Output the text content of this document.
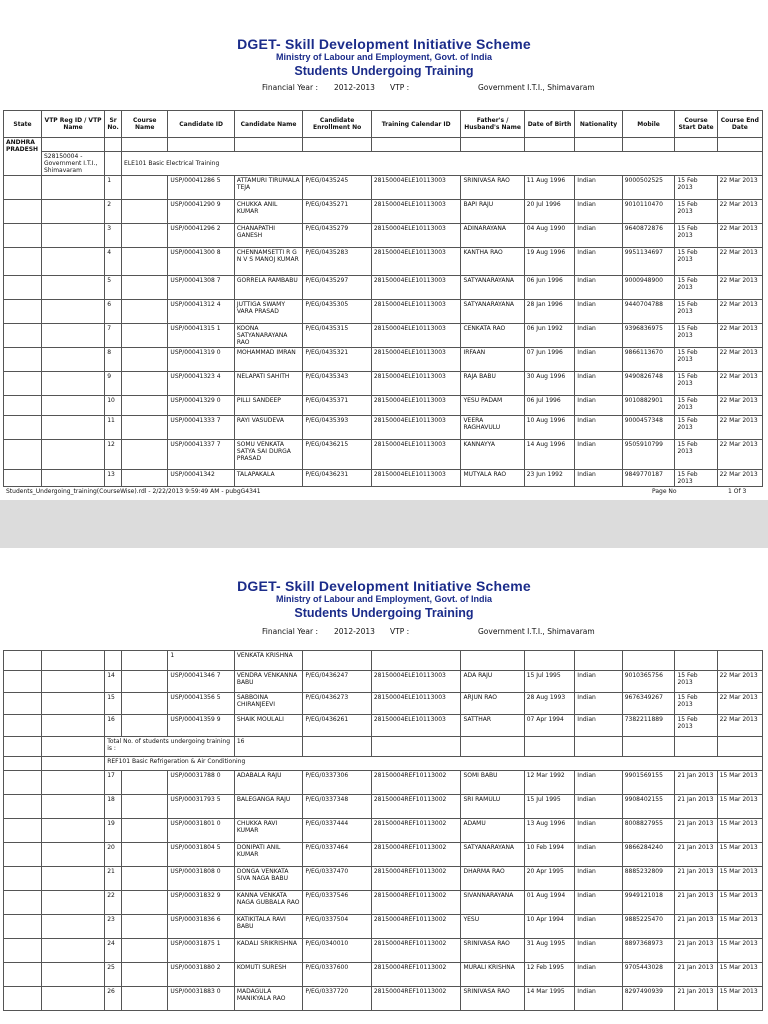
DGET- Skill Development Initiative Scheme
Ministry of Labour and Employment, Govt. of India
Students Undergoing Training
Financial Year : 2012-2013 VTP :	Government I.T.I., Shimavaram
State	VTP Reg ID / VTP Name	Sr No.	Course Name	Candidate ID	Candidate Name	Candidate Enrollment No	Training Calendar ID	Father's / Husband's Name	Date of Birth	Nationality	Mobile	Course Start Date	Course End Date
ANDHRA PRADESH													
	S28150004 - Government I.T.I., Shimavaram		ELE101 Basic Electrical Training										

		1		USP/00041286 5	ATTAMURI TIRUMALA TEJA	P/EG/0435245	28150004ELE10113003	SRINIVASA RAO	11 Aug 1996	Indian	9000502525	15 Feb 2013	22 Mar 2013
		2		USP/00041290 9	CHUKKA ANIL KUMAR	P/EG/0435271	28150004ELE10113003	BAPI RAJU	20 Jul 1996	Indian	9010110470	15 Feb 2013	22 Mar 2013
		3		USP/00041296 2	CHANAPATHI GANESH	P/EG/0435279	28150004ELE10113003	ADINARAYANA	04 Aug 1990	Indian	9640872876	15 Feb 2013	22 Mar 2013
		4		USP/00041300 8	CHENNAMSETTI R G N V S MANOJ KUMAR	P/EG/0435283	28150004ELE10113003	KANTHA RAO	19 Aug 1996	Indian	9951134697	15 Feb 2013	22 Mar 2013
		5		USP/00041308 7	GORRELA RAMBABU	P/EG/0435297	28150004ELE10113003	SATYANARAYANA	06 Jun 1996	Indian	9000948900	15 Feb 2013	22 Mar 2013
		6		USP/00041312 4	JUTTIGA SWAMY VARA PRASAD	P/EG/0435305	28150004ELE10113003	SATYANARAYANA	28 Jan 1996	Indian	9440704788	15 Feb 2013	22 Mar 2013
		7		USP/00041315 1	KOONA SATYANARAYANA RAO	P/EG/0435315	28150004ELE10113003	CENKATA RAO	06 Jun 1992	Indian	9396836975	15 Feb 2013	22 Mar 2013
		8		USP/00041319 0	MOHAMMAD IMRAN	P/EG/0435321	28150004ELE10113003	IRFAAN	07 Jun 1996	Indian	9866113670	15 Feb 2013	22 Mar 2013
		9		USP/00041323 4	NELAPATI SAHITH	P/EG/0435343	28150004ELE10113003	RAJA BABU	30 Aug 1996	Indian	9490826748	15 Feb 2013	22 Mar 2013
		10		USP/00041329 0	PILLI SANDEEP	P/EG/0435371	28150004ELE10113003	YESU PADAM	06 Jul 1996	Indian	9010882901	15 Feb 2013	22 Mar 2013
		11		USP/00041333 7	RAYI VASUDEVA	P/EG/0435393	28150004ELE10113003	VEERA RAGHAVULU	10 Aug 1996	Indian	9000457348	15 Feb 2013	22 Mar 2013
		12		USP/00041337 7	SOMU VENKATA SATYA SAI DURGA PRASAD	P/EG/0436215	28150004ELE10113003	KANNAYYA	14 Aug 1996	Indian	9505910799	15 Feb 2013	22 Mar 2013
		13		USP/00041342	TALAPAKALA	P/EG/0436231	28150004ELE10113003	MUTYALA RAO	23 Jun 1992	Indian	9849770187	15 Feb 2013	22 Mar 2013
Students_Undergoing_training(CourseWise).rdl - 2/22/2013 9:59:49 AM - pubgG4341	Page No	1 Of 3
DGET- Skill Development Initiative Scheme
Ministry of Labour and Employment, Govt. of India
Students Undergoing Training
Financial Year : 2012-2013 VTP :	Government I.T.I., Shimavaram
				1	VENKATA KRISHNA								
		14		USP/00041346 7	VENDRA VENKANNA BABU	P/EG/0436247	28150004ELE10113003	ADA RAJU	15 Jul 1995	Indian	9010365756	15 Feb 2013	22 Mar 2013
		15		USP/00041356 5	SABBOINA CHIRANJEEVI	P/EG/0436273	28150004ELE10113003	ARJUN RAO	28 Aug 1993	Indian	9676349267	15 Feb 2013	22 Mar 2013
		16		USP/00041359 9	SHAIK MOULALI	P/EG/0436261	28150004ELE10113003	SATTHAR	07 Apr 1994	Indian	7382211889	15 Feb 2013	22 Mar 2013
		Total No. of students undergoing training is :			16								
		REF101 Basic Refrigeration & Air Conditioning											
		17		USP/00031788 0	ADABALA RAJU	P/EG/0337306	28150004REF10113002	SOMI BABU	12 Mar 1992	Indian	9901569155	21 Jan 2013	15 Mar 2013
		18		USP/00031793 5	BALEGANGA RAJU	P/EG/0337348	28150004REF10113002	SRI RAMULU	15 Jul 1995	Indian	9908402155	21 Jan 2013	15 Mar 2013
		19		USP/00031801 0	CHUKKA RAVI KUMAR	P/EG/0337444	28150004REF10113002	ADAMU	13 Aug 1996	Indian	8008827955	21 Jan 2013	15 Mar 2013
		20		USP/00031804 5	DONIPATI ANIL KUMAR	P/EG/0337464	28150004REF10113002	SATYANARAYANA	10 Feb 1994	Indian	9866284240	21 Jan 2013	15 Mar 2013
		21		USP/00031808 0	DONGA VENKATA SIVA NAGA BABU	P/EG/0337470	28150004REF10113002	DHARMA RAO	20 Apr 1995	Indian	8885232809	21 Jan 2013	15 Mar 2013
		22		USP/00031832 9	KANNA VENKATA NAGA GUBBALA RAO	P/EG/0337546	28150004REF10113002	SIVANNARAYANA	01 Aug 1994	Indian	9949121018	21 Jan 2013	15 Mar 2013
		23		USP/00031836 6	KATIKITALA RAVI BABU	P/EG/0337504	28150004REF10113002	YESU	10 Apr 1994	Indian	9885225470	21 Jan 2013	15 Mar 2013
		24		USP/00031875 1	KADALI SRIKRISHNA	P/EG/0340010	28150004REF10113002	SRINIVASA RAO	31 Aug 1995	Indian	8897368973	21 Jan 2013	15 Mar 2013
		25		USP/00031880 2	KOMUTI SURESH	P/EG/0337600	28150004REF10113002	MURALI KRISHNA	12 Feb 1995	Indian	9705443028	21 Jan 2013	15 Mar 2013
		26		USP/00031883 0	MADAGULA MANIKYALA RAO	P/EG/0337720	28150004REF10113002	SRINIVASA RAO	14 Mar 1995	Indian	8297490939	21 Jan 2013	15 Mar 2013
